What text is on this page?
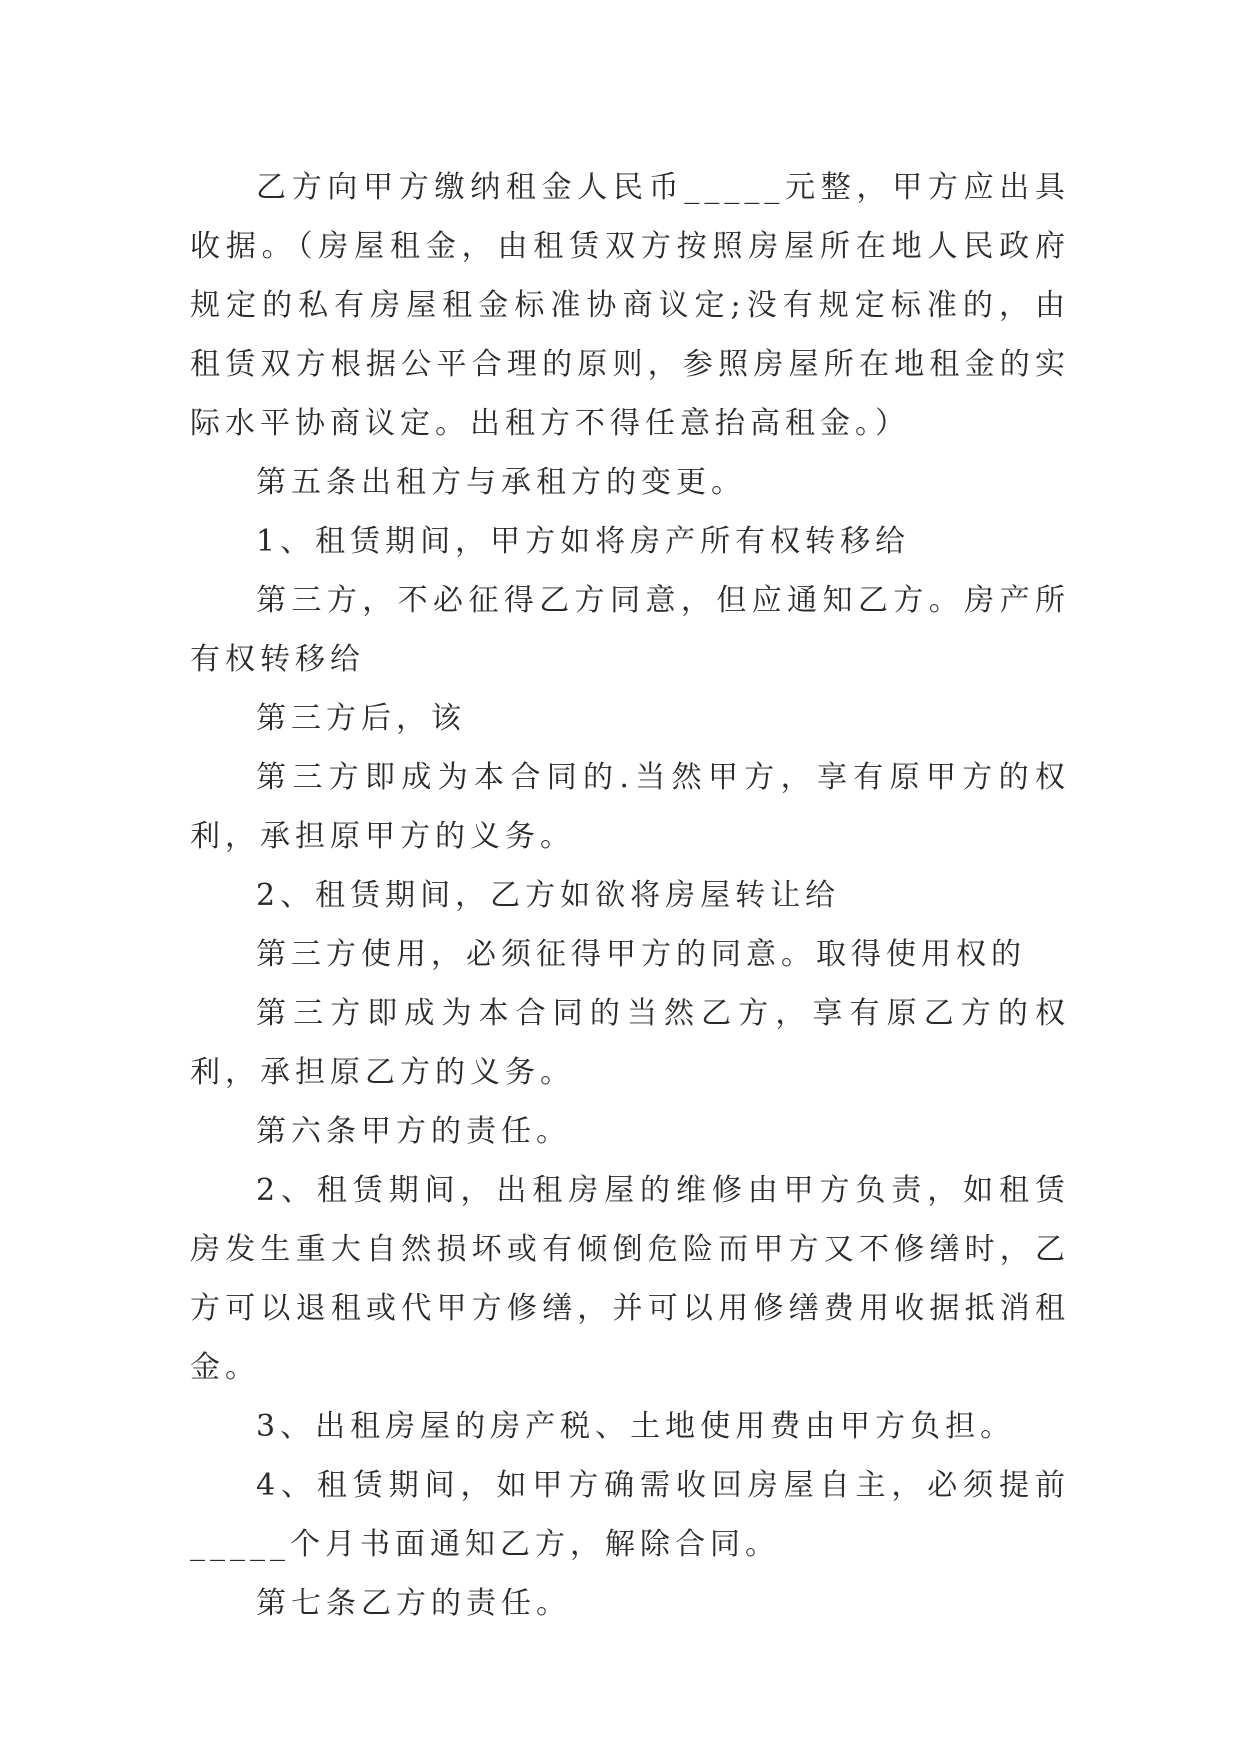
乙方向甲方缴纳租金人民币_____元整，甲方应出具收据。（房屋租金，由租赁双方按照房屋所在地人民政府规定的私有房屋租金标准协商议定;没有规定标准的，由租赁双方根据公平合理的原则，参照房屋所在地租金的实际水平协商议定。出租方不得任意抬高租金。）

第五条出租方与承租方的变更。

1、租赁期间，甲方如将房产所有权转移给

第三方，不必征得乙方同意，但应通知乙方。房产所有权转移给

第三方后，该

第三方即成为本合同的.当然甲方，享有原甲方的权利，承担原甲方的义务。

2、租赁期间，乙方如欲将房屋转让给

第三方使用，必须征得甲方的同意。取得使用权的

第三方即成为本合同的当然乙方，享有原乙方的权利，承担原乙方的义务。

第六条甲方的责任。

2、租赁期间，出租房屋的维修由甲方负责，如租赁房发生重大自然损坏或有倾倒危险而甲方又不修缮时，乙方可以退租或代甲方修缮，并可以用修缮费用收据抵消租金。

3、出租房屋的房产税、土地使用费由甲方负担。

4、租赁期间，如甲方确需收回房屋自主，必须提前_____个月书面通知乙方，解除合同。

第七条乙方的责任。
